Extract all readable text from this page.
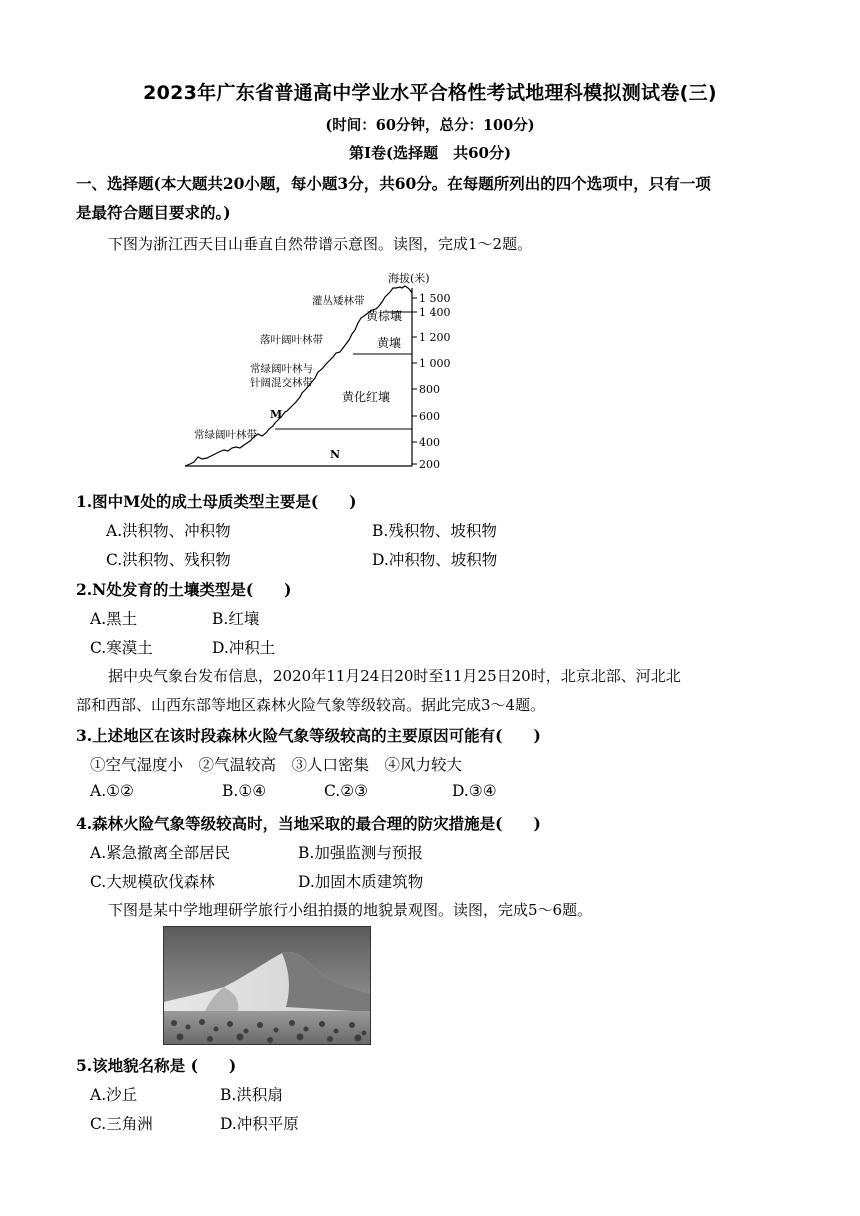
2023年广东省普通高中学业水平合格性考试地理科模拟测试卷(三)
(时间：60分钟，总分：100分)
第Ⅰ卷(选择题　共60分)
一、选择题(本大题共20小题，每小题3分，共60分。在每题所列出的四个选项中，只有一项
是最符合题目要求的。)
下图为浙江西天目山垂直自然带谱示意图。读图，完成1～2题。
海拔(米)
1 500
1 400
1 200
1 000
800
600
400
200
灌丛矮林带
落叶阔叶林带
常绿阔叶林与
针阔混交林带
常绿阔叶林带
黄棕壤
黄壤
黄化红壤
N
M
1.图中M处的成土母质类型主要是(　　)
A.洪积物、冲积物	B.残积物、坡积物
C.洪积物、残积物	D.冲积物、坡积物
2.N处发育的土壤类型是(　　)
A.黑土	B.红壤
C.寒漠土	D.冲积土
据中央气象台发布信息，2020年11月24日20时至11月25日20时，北京北部、河北北
部和西部、山西东部等地区森林火险气象等级较高。据此完成3～4题。
3.上述地区在该时段森林火险气象等级较高的主要原因可能有(　　)
①空气湿度小　②气温较高　③人口密集　④风力较大
A.①②	B.①④	C.②③	D.③④
4.森林火险气象等级较高时，当地采取的最合理的防灾措施是(　　)
A.紧急撤离全部居民	B.加强监测与预报
C.大规模砍伐森林	D.加固木质建筑物
下图是某中学地理研学旅行小组拍摄的地貌景观图。读图，完成5～6题。
5.该地貌名称是 (　　)
A.沙丘	B.洪积扇
C.三角洲	D.冲积平原
